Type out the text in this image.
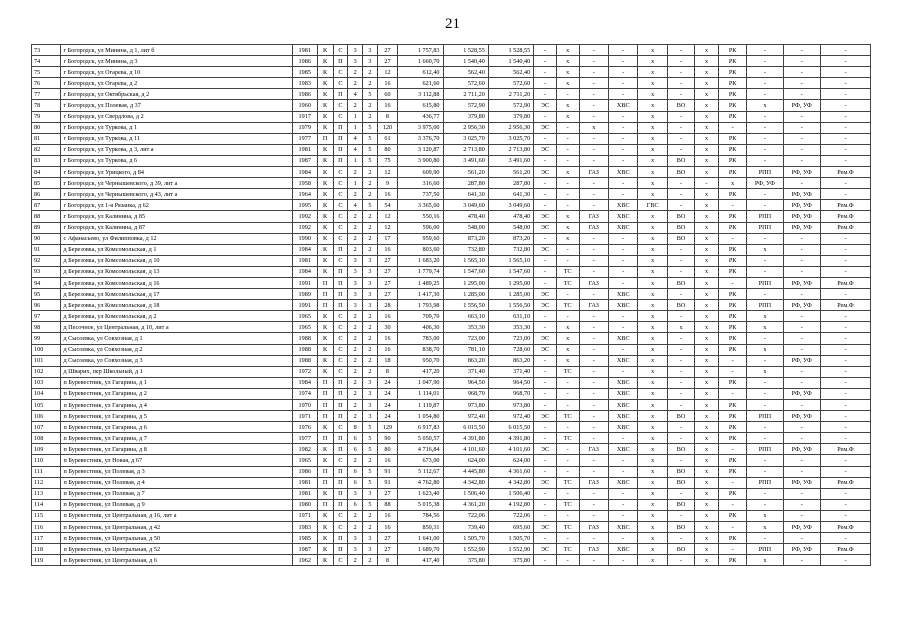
21
73	г Богородск, ул Минина, д 1, лит б	1981	К	С	3	3	27	1 757,83	1 528,55	1 528,55	-	х	-	-	х	-	х	РК	-	-	-
74	г Богородск, ул Минина, д 3	1986	К	П	3	3	27	1 660,70	1 540,40	1 540,40	-	х	-	-	х	-	х	РК	-	-	-
75	г Богородск, ул Огарева, д 10	1985	К	С	2	2	12	612,40	562,40	562,40	-	х	-	-	х	-	х	РК	-	-	-
76	г Богородск, ул Огарева, д 2	1983	К	С	2	2	16	621,60	572,60	572,60	-	х	-	-	х	-	х	РК	-	-	-
77	г Богородск, ул Октябрьская, д 2	1986	К	П	4	5	60	3 112,88	2 711,20	2 711,20	-	-	-	-	х	-	х	РК	-	-	-
78	г Богородск, ул Полевая, д 37	1960	К	С	2	2	16	615,80	572,90	572,90	ЭС	х	-	ХВС	х	ВО	х	РК	х	РФ, УФ	-
79	г Богородск, ул Свердлова, д 2	1917	К	С	1	2	8	436,77	379,80	379,80	-	х	-	-	х	-	х	РК	-	-	-
80	г Богородск, ул Туркова, д 1	1979	К	П	1	5	120	3 975,00	2 956,30	2 956,30	ЭС	-	х	-	х	-	х	-	-	-	-
81	г Богородск, ул Туркова, д 11	1977	П	П	4	5	61	3 376,70	3 025,70	3 025,70	-	-	-	-	х	-	х	РК	-	-	-
82	г Богородск, ул Туркова, д 3, лит а	1981	К	П	4	5	80	3 120,87	2 713,80	2 713,80	ЭС	-	-	-	х	-	х	РК	-	-	-
83	г Богородск, ул Туркова, д 6	1987	К	П	1	5	75	3 900,80	3 491,60	3 491,60	-	-	-	-	х	ВО	х	РК	-	-	-
84	г Богородск, ул Урицкого, д 84	1984	К	С	2	2	12	609,90	561,20	561,20	ЭС	х	ГАЗ	ХВС	х	ВО	х	РК	РПП	РФ, УФ	Рем.Ф
85	г Богородск, ул Чернышевского, д 39, лит а	1958	К	С	1	2	9	316,60	287,80	287,80	-	-	-	-	х	-	-	х	РФ, УФ	-	-
86	г Богородск, ул Чернышевского, д 43, лит а	1964	К	С	2	2	16	737,50	641,30	641,30	-	-	-	-	х	-	х	РК	-	РФ, УФ	-
87	г Богородск, ул 1-я Рязанка, д 62	1995	К	С	4	5	54	3 365,60	3 049,60	3 049,60	-	-	-	ХВС	ГВС	-	х	-	-	РФ, УФ	Рем.Ф
88	г Богородск, ул Калинина, д 85	1992	К	С	2	2	12	550,16	478,40	478,40	ЭС	х	ГАЗ	ХВС	х	ВО	х	РК	РПП	РФ, УФ	Рем.Ф
89	г Богородск, ул Калинина, д 87	1992	К	С	2	2	12	596,00	548,00	548,00	ЭС	х	ГАЗ	ХВС	х	ВО	х	РК	РПП	РФ, УФ	Рем.Ф
90	с Афанасьево, ул Филипповка, д 12	1990	К	С	2	2	17	959,60	873,20	873,20	-	х	-	-	х	ВО	х	-	-	-	-
91	д Березовка, ул Комсомольская, д 1	1984	К	П	2	2	16	803,60	732,80	732,80	ЭС	-	-	-	х	-	х	РК	х	-	-
92	д Березовка, ул Комсомольская, д 10	1981	К	С	3	3	27	1 683,20	1 565,10	1 565,10	-	-	-	-	х	-	х	РК	-	-	-
93	д Березовка, ул Комсомольская, д 13	1984	К	П	3	3	27	1 779,74	1 547,60	1 547,60	-	ТС	-	-	х	-	х	РК	-	-	-
94	д Березовка, ул Комсомольская, д 16	1991	П	П	3	3	27	1 489,25	1 295,00	1 295,00	-	ТС	ГАЗ	-	х	ВО	х	-	РПП	РФ, УФ	Рем.Ф
95	д Березовка, ул Комсомольская, д 17	1989	П	П	3	3	27	1 417,30	1 285,00	1 285,00	ЭС	-	-	ХВС	х	-	х	РК	-	-	-
96	д Березовка, ул Комсомольская, д 18	1991	П	П	3	3	28	1 793,98	1 556,50	1 556,50	ЭС	ТС	ГАЗ	ХВС	х	ВО	х	РК	РПП	РФ, УФ	Рем.Ф
97	д Березовка, ул Комсомольская, д 2	1965	К	С	2	2	16	709,70	663,10	631,10	-	-	-	-	х	-	х	РК	х	-	-
98	д Песочное, ул Центральная, д 10, лит а	1965	К	С	2	2	30	406,30	353,30	353,30	-	х	-	-	х	х	х	РК	х	-	-
99	д Сысоевка, ул Совхозная, д 1	1988	К	С	2	2	16	783,00	723,00	723,00	ЭС	х	-	ХВС	х	-	х	РК	-	-	-
100	д Сысоевка, ул Совхозная, д 2	1988	К	С	2	2	16	838,70	781,10	728,60	ЭС	х	-	-	х	-	х	РК	х	-	-
101	д Сысоевка, ул Совхозная, д 3	1988	К	С	2	2	18	950,70	863,20	863,20	-	х	-	ХВС	х	-	х	-	-	РФ, УФ	-
102	д Шварих, пер Школьный, д 1	1972	К	С	2	2	8	417,20	371,40	371,40	-	ТС	-	-	х	-	х	-	х	-	-
103	п Буревестник, ул Гагарина, д 1	1984	П	П	2	3	24	1 047,90	964,50	964,50	-	-	-	ХВС	х	-	х	РК	-	-	-
104	п Буревестник, ул Гагарина, д 2	1974	П	П	2	3	24	1 114,01	968,70	968,70	-	-	-	ХВС	х	-	х	-	-	РФ, УФ	-
105	п Буревестник, ул Гагарина, д 4	1970	П	П	2	3	24	1 119,87	973,80	973,80	-	-	-	ХВС	х	-	х	РК	-	-	-
106	п Буревестник, ул Гагарина, д 5	1971	П	П	2	3	24	1 054,80	972,40	972,40	ЭС	ТС	-	ХВС	х	ВО	х	РК	РПП	РФ, УФ	-
107	п Буревестник, ул Гагарина, д 6	1976	К	С	8	5	129	6 917,83	6 015,50	6 015,50	-	-	-	ХВС	х	-	х	РК	-	-	-
108	п Буревестник, ул Гагарина, д 7	1977	П	П	6	5	90	5 050,57	4 391,80	4 391,80	-	ТС	-	-	х	-	х	РК	-	-	-
109	п Буревестник, ул Гагарина, д 8	1982	К	П	6	5	80	4 716,84	4 101,60	4 101,60	ЭС	-	ГАЗ	ХВС	х	ВО	х	-	РПП	РФ, УФ	Рем.Ф
110	п Буревестник, ул Новая, д 67	1965	К	С	2	2	16	673,00	624,00	624,00	-	-	-	-	х	-	х	РК	-	-	-
111	п Буревестник, ул Полевая, д 3	1986	П	П	6	5	91	5 112,67	4 445,80	4 361,60	-	-	-	-	х	ВО	х	РК	-	-	-
112	п Буревестник, ул Полевая, д 4	1981	П	П	6	5	91	4 762,80	4 342,80	4 342,80	ЭС	ТС	ГАЗ	ХВС	х	ВО	х	-	РПП	РФ, УФ	Рем.Ф
113	п Буревестник, ул Полевая, д 7	1981	К	П	3	3	27	1 623,40	1 506,40	1 506,40	-	-	-	-	х	-	х	РК	-	-	-
114	п Буревестник, ул Полевая, д 9	1980	П	П	6	5	88	5 015,38	4 361,20	4 192,80	-	ТС	-	-	х	ВО	х	-	-	-	-
115	п Буревестник, ул Центральная, д 16, лит а	1971	К	С	2	2	16	784,56	722,06	722,06	-	-	-	-	х	-	х	РК	х	-	-
116	п Буревестник, ул Центральная, д 42	1983	К	С	2	2	16	850,31	739,40	695,60	ЭС	ТС	ГАЗ	ХВС	х	ВО	х	-	х	РФ, УФ	Рем.Ф
117	п Буревестник, ул Центральная, д 50	1985	К	П	3	3	27	1 641,00	1 505,70	1 505,70	-	-	-	-	х	-	х	РК	-	-	-
118	п Буревестник, ул Центральная, д 52	1987	К	П	3	3	27	1 689,70	1 552,90	1 552,90	ЭС	ТС	ГАЗ	ХВС	х	ВО	х	-	РПП	РФ, УФ	Рем.Ф
119	п Буревестник, ул Центральная, д 6	1962	К	С	2	2	8	417,40	375,80	375,80	-	-	-	-	х	-	х	РК	х	-	-
